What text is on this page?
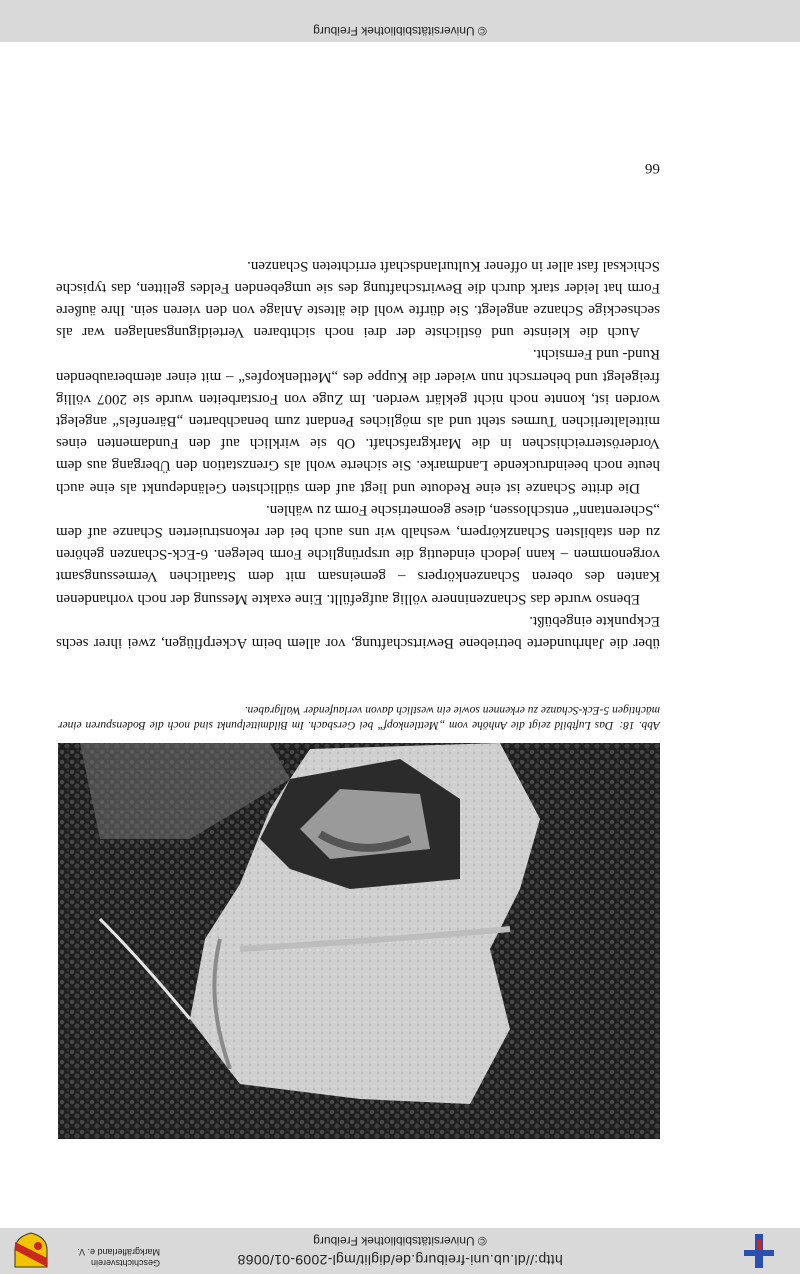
http://dl.ub.uni-freiburg.de/diglit/mgl-2009-01/0068
© Universitätsbibliothek Freiburg
Geschichtsverein Markgräflerland e. V.
Abb. 18:Das Luftbild zeigt die Anhöhe vom „Mettlenkopf“ bei Gersbach. Im Bildmittelpunkt sind noch die Bodenspuren einer mächtigen 5-Eck-Schanze zu erkennen sowie ein westlich davon verlaufender Wallgraben.

über die Jahrhunderte betriebene Bewirtschaftung, vor allem beim Ackerpflügen, zwei ihrer sechs Eckpunkte eingebüßt.

Ebenso wurde das Schanzeninnere völlig aufgefüllt. Eine exakte Messung der noch vorhandenen Kanten des oberen Schanzenkörpers – gemeinsam mit dem Staatlichen Vermessungsamt vorgenommen – kann jedoch eindeutig die ursprüngliche Form belegen. 6-Eck-Schanzen gehören zu den stabilsten Schanzkörpern, weshalb wir uns auch bei der rekonstruierten Schanze auf dem „Scherentann“ entschlossen, diese geometrische Form zu wählen.

Die dritte Schanze ist eine Redoute und liegt auf dem südlichsten Geländepunkt als eine auch heute noch beeindruckende Landmarke. Sie sicherte wohl als Grenzstation den Übergang aus dem Vorderösterreichischen in die Markgrafschaft. Ob sie wirklich auf den Fundamenten eines mittelalterlichen Turmes steht und als mögliches Pendant zum benachbarten „Bärenfels“ angelegt worden ist, konnte noch nicht geklärt werden. Im Zuge von Forstarbeiten wurde sie 2007 völlig freigelegt und beherrscht nun wieder die Kuppe des „Mettlenkopfes“ – mit einer atemberaubenden Rund- und Fernsicht.

Auch die kleinste und östlichste der drei noch sichtbaren Verteidigungsanlagen war als sechseckige Schanze angelegt. Sie dürfte wohl die älteste Anlage von den vieren sein. Ihre äußere Form hat leider stark durch die Bewirtschaftung des sie umgebenden Feldes gelitten, das typische Schicksal fast aller in offener Kulturlandschaft errichteten Schanzen.

66
© Universitätsbibliothek Freiburg
